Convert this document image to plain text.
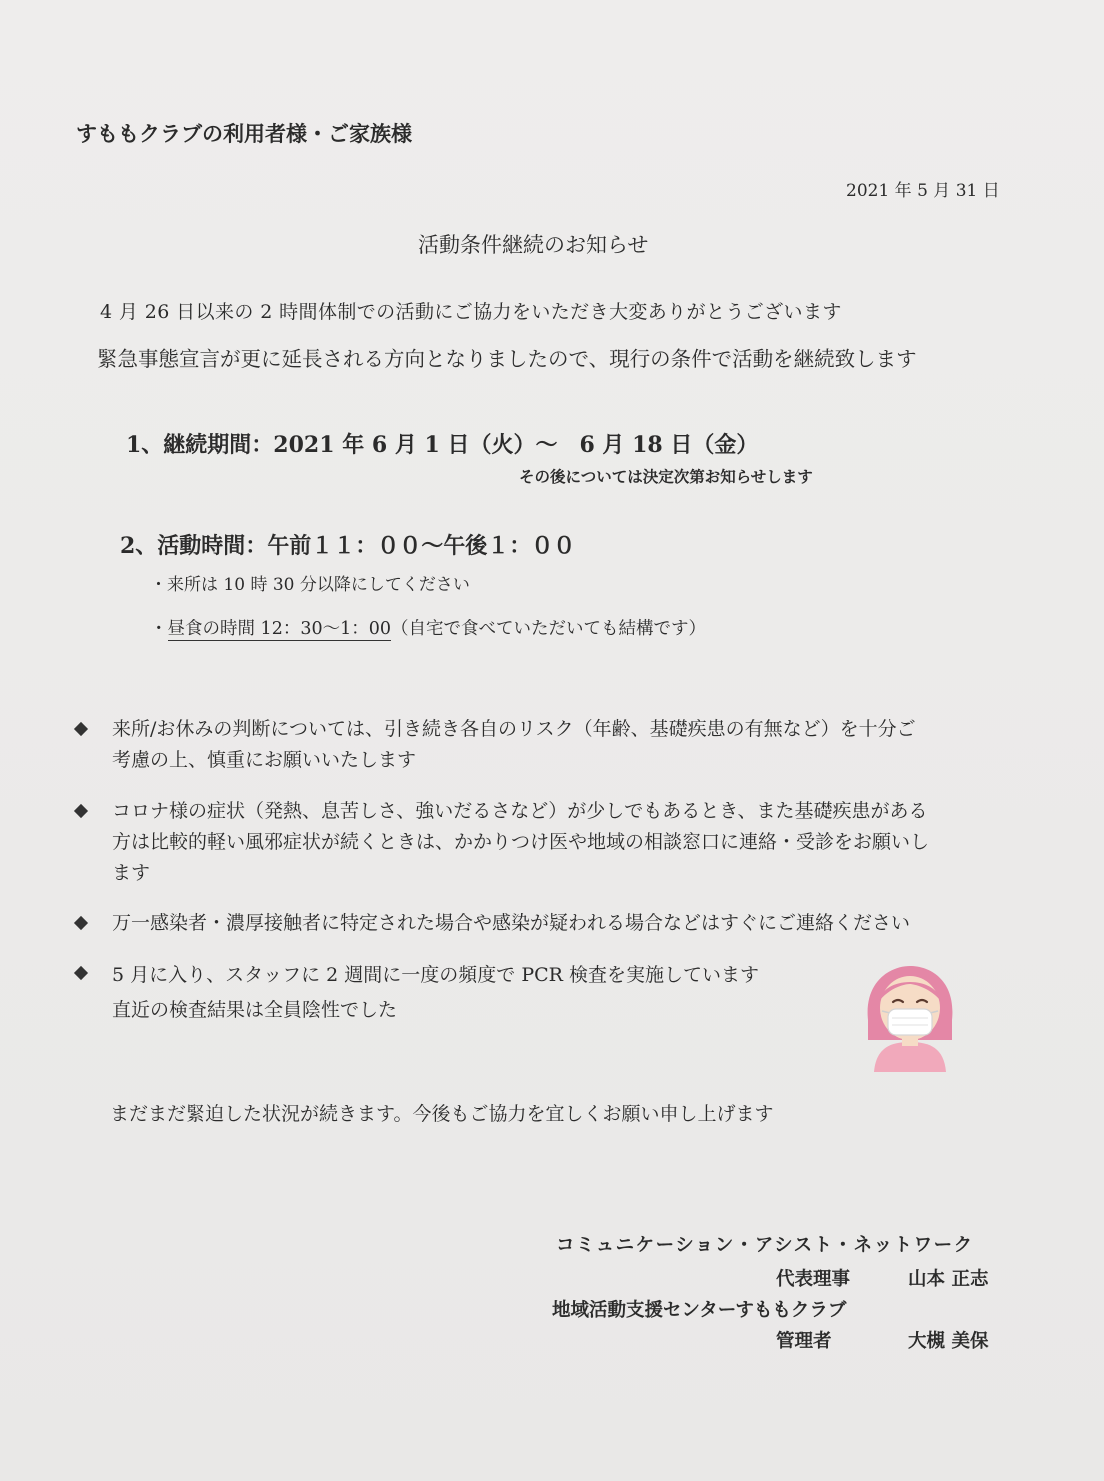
すももクラブの利用者様・ご家族様
2021 年 5 月 31 日
活動条件継続のお知らせ
4 月 26 日以来の 2 時間体制での活動にご協力をいただき大変ありがとうございます
緊急事態宣言が更に延長される方向となりましたので、現行の条件で活動を継続致します
1、継続期間：2021 年 6 月 1 日（火）～　6 月 18 日（金）
その後については決定次第お知らせします
2、活動時間：午前１１：００～午後１：００
・来所は 10 時 30 分以降にしてください
・昼食の時間 12：30～1：00（自宅で食べていただいても結構です）
来所/お休みの判断については、引き続き各自のリスク（年齢、基礎疾患の有無など）を十分ご
考慮の上、慎重にお願いいたします
コロナ様の症状（発熱、息苦しさ、強いだるさなど）が少しでもあるとき、また基礎疾患がある
方は比較的軽い風邪症状が続くときは、かかりつけ医や地域の相談窓口に連絡・受診をお願いし
ます
万一感染者・濃厚接触者に特定された場合や感染が疑われる場合などはすぐにご連絡ください
5 月に入り、スタッフに 2 週間に一度の頻度で PCR 検査を実施しています
直近の検査結果は全員陰性でした
まだまだ緊迫した状況が続きます。今後もご協力を宜しくお願い申し上げます
コミュニケーション・アシスト・ネットワーク
代表理事	山本 正志
地域活動支援センターすももクラブ
管理者	大槻 美保
